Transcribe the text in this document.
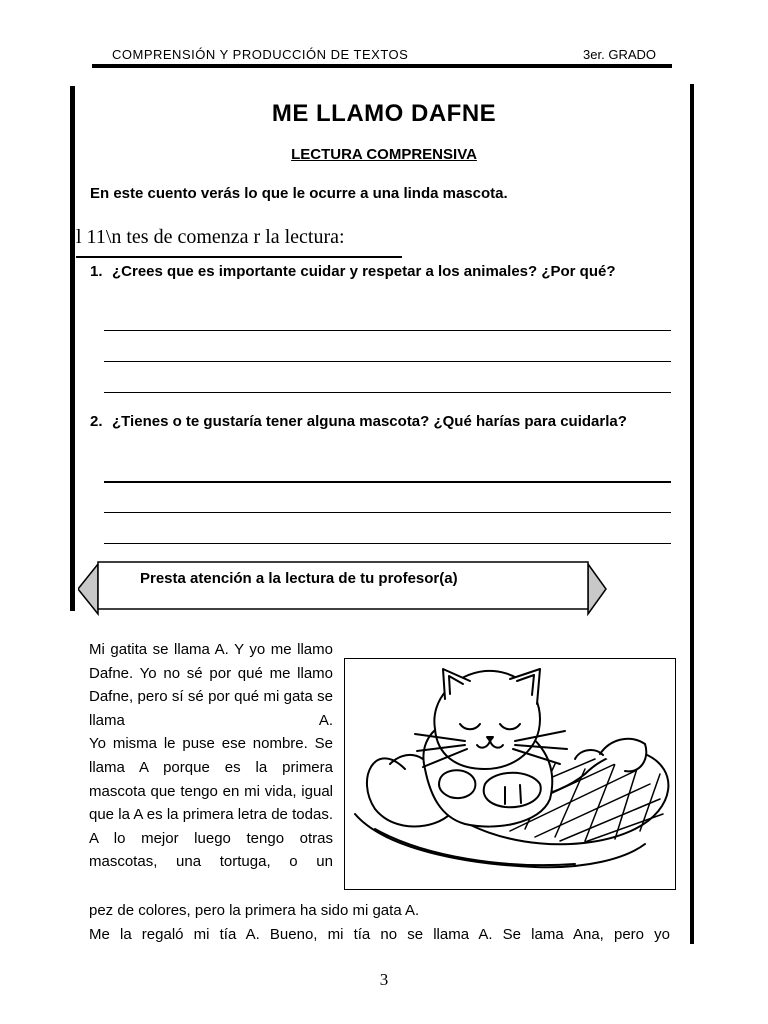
COMPRENSIÓN Y PRODUCCIÓN DE TEXTOS	3er. GRADO
ME LLAMO DAFNE
LECTURA COMPRENSIVA
En este cuento verás lo que le ocurre a una linda mascota.
l 11\n tes de comenza r la lectura:
1. ¿Crees que es importante cuidar y respetar a los animales? ¿Por qué?
2. ¿Tienes o te gustaría tener alguna mascota? ¿Qué harías para cuidarla?
Presta atención a la lectura de tu profesor(a)

Mi gatita se llama A. Y yo me llamo Dafne. Yo no sé por qué me llamo Dafne, pero sí sé por qué mi gata se llama A.

Yo misma le puse ese nombre. Se llama A porque es la primera mascota que tengo en mi vida, igual que la A es la primera letra de todas.

A lo mejor luego tengo otras mascotas, una tortuga, o un

pez de colores, pero la primera ha sido mi gata A.
Me la regaló mi tía A. Bueno, mi tía no se llama A. Se lama Ana, pero yo
3
